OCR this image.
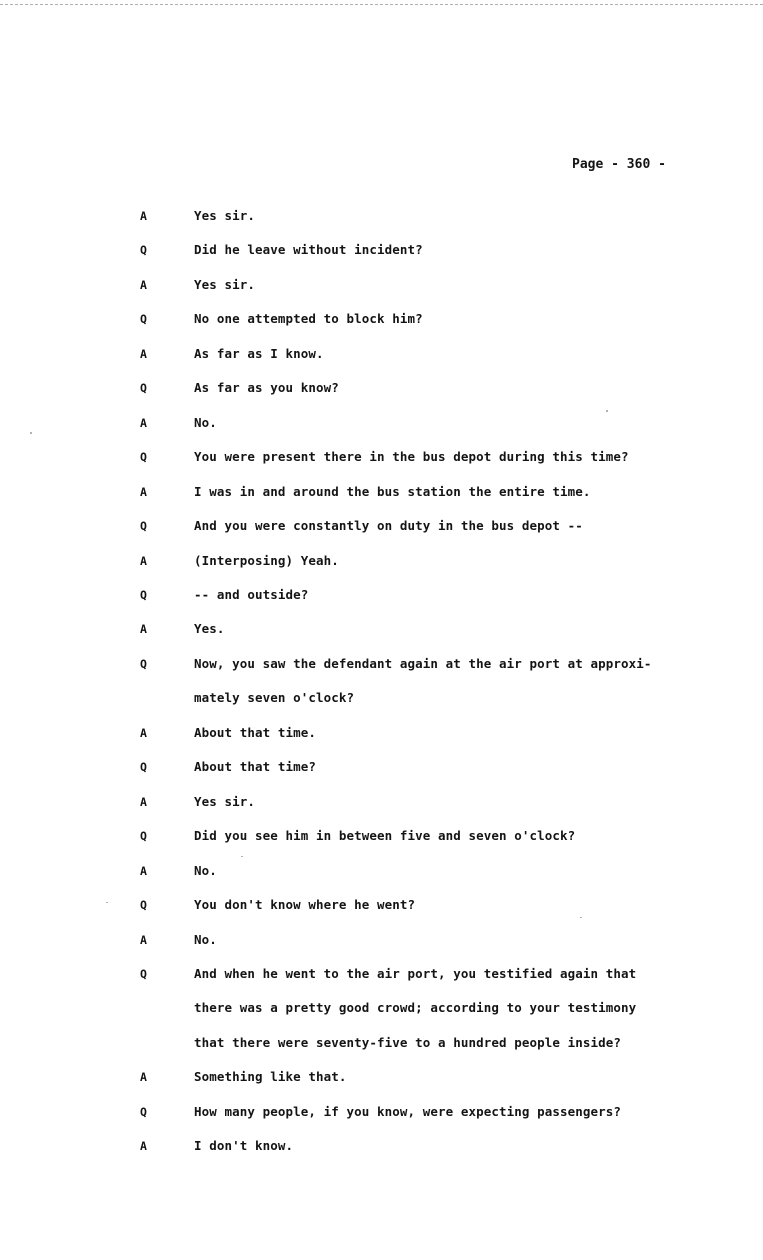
Page - 360 -
A	Yes sir.
Q	Did he leave without incident?
A	Yes sir.
Q	No one attempted to block him?
A	As far as I know.
Q	As far as you know?
A	No.
Q	You were present there in the bus depot during this time?
A	I was in and around the bus station the entire time.
Q	And you were constantly on duty in the bus depot --
A	(Interposing) Yeah.
Q	-- and outside?
A	Yes.
Q	Now, you saw the defendant again at the air port at approxi-
mately seven o'clock?
A	About that time.
Q	About that time?
A	Yes sir.
Q	Did you see him in between five and seven o'clock?
A	No.
Q	You don't know where he went?
A	No.
Q	And when he went to the air port, you testified again that
there was a pretty good crowd; according to your testimony
that there were seventy-five to a hundred people inside?
A	Something like that.
Q	How many people, if you know, were expecting passengers?
A	I don't know.
